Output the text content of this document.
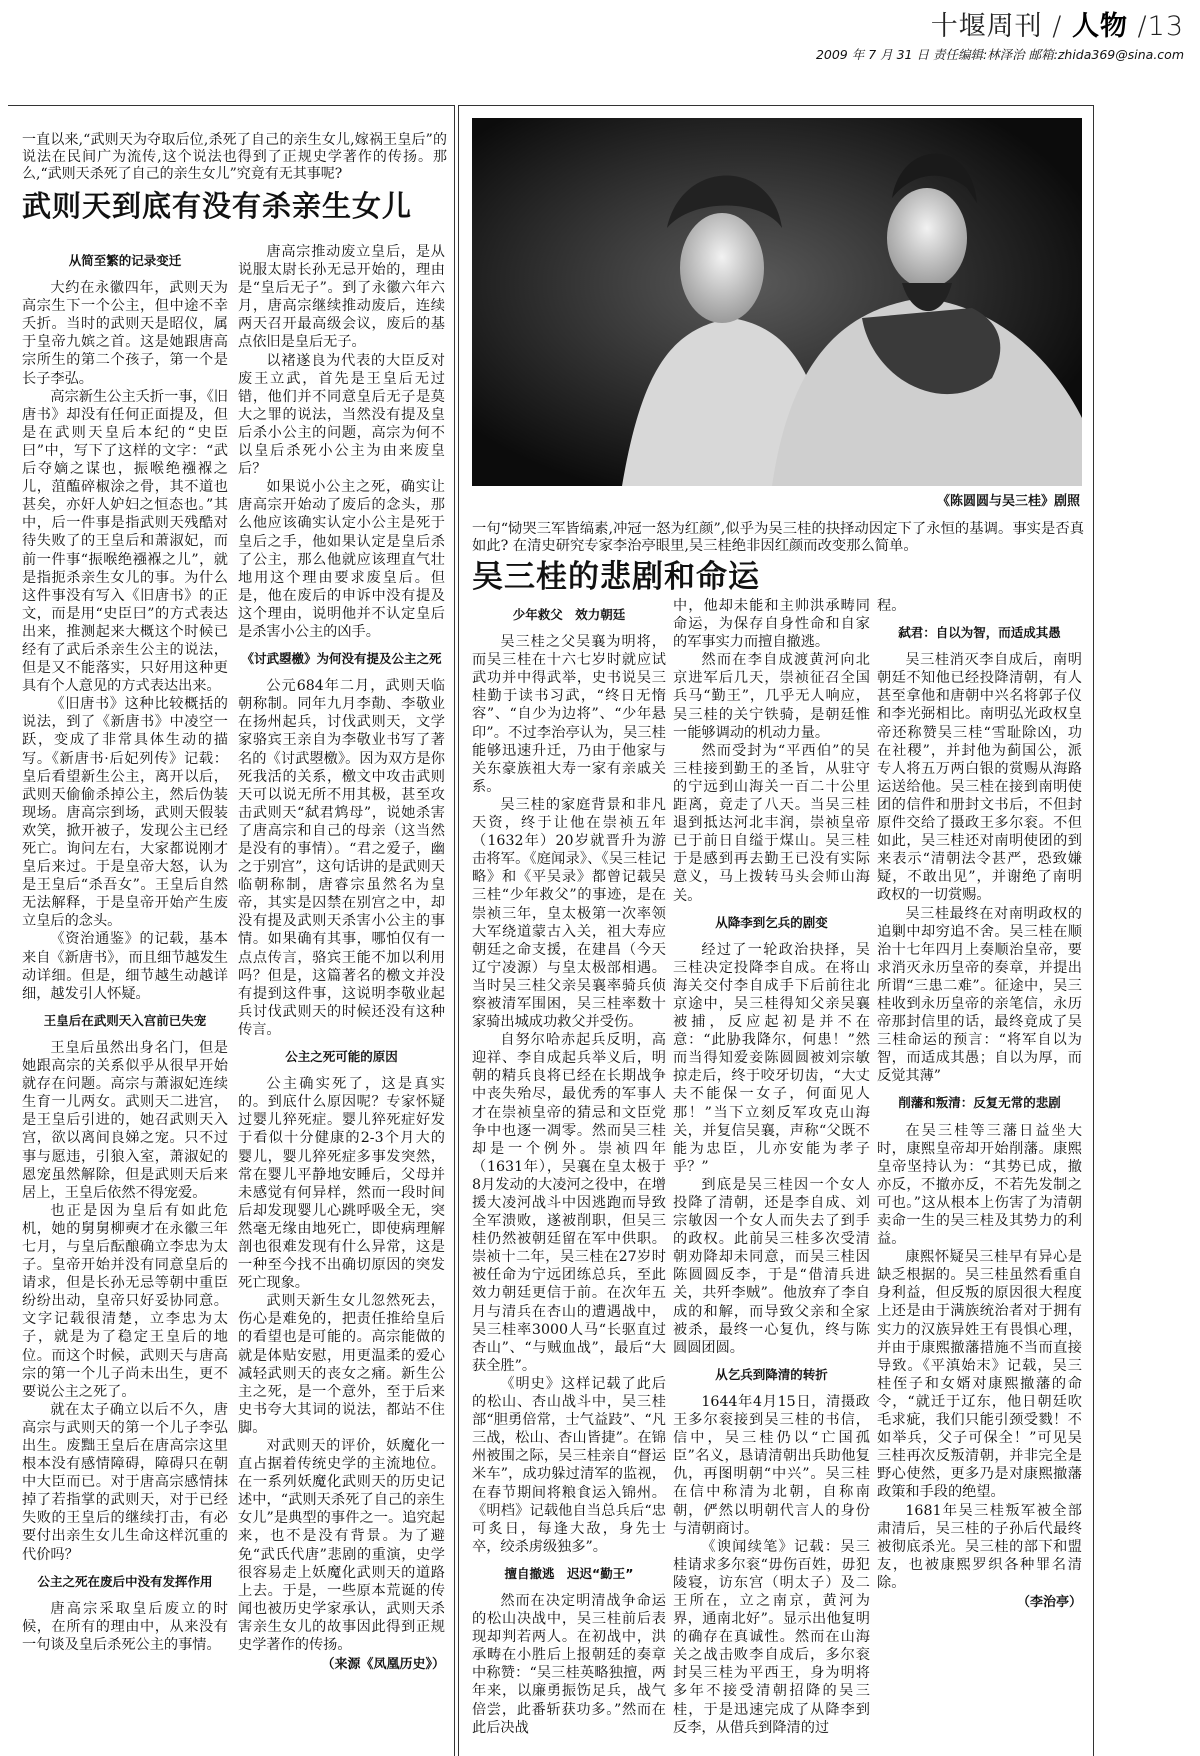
十堰周刊 / 人物 /13
2009 年 7 月 31 日 责任编辑:林泽治 邮箱:zhida369@sina.com
一直以来,“武则天为夺取后位,杀死了自己的亲生女儿,嫁祸王皇后”的说法在民间广为流传,这个说法也得到了正规史学著作的传扬。那么,“武则天杀死了自己的亲生女儿”究竟有无其事呢?
武则天到底有没有杀亲生女儿
从简至繁的记录变迁

大约在永徽四年，武则天为高宗生下一个公主，但中途不幸夭折。当时的武则天是昭仪，属于皇帝九嫔之首。这是她跟唐高宗所生的第二个孩子，第一个是长子李弘。

高宗新生公主夭折一事，《旧唐书》却没有任何正面提及，但是在武则天皇后本纪的“史臣曰”中，写下了这样的文字：“武后夺嫡之谋也，振喉绝襁褓之儿，菹醢碎椒涂之骨，其不道也甚矣，亦奸人妒妇之恒态也。”其中，后一件事是指武则天残酷对待失败了的王皇后和萧淑妃，而前一件事“振喉绝襁褓之儿”，就是指扼杀亲生女儿的事。为什么这件事没有写入《旧唐书》的正文，而是用“史臣曰”的方式表达出来，推测起来大概这个时候已经有了武后杀亲生公主的说法，但是又不能落实，只好用这种更具有个人意见的方式表达出来。

《旧唐书》这种比较概括的说法，到了《新唐书》中凌空一跃，变成了非常具体生动的描写。《新唐书·后妃列传》记载：皇后看望新生公主，离开以后，武则天偷偷杀掉公主，然后伪装现场。唐高宗到场，武则天假装欢笑，掀开被子，发现公主已经死亡。询问左右，大家都说刚才皇后来过。于是皇帝大怒，认为是王皇后“杀吾女”。王皇后自然无法解释，于是皇帝开始产生废立皇后的念头。

《资治通鉴》的记载，基本来自《新唐书》，而且细节越发生动详细。但是，细节越生动越详细，越发引人怀疑。

王皇后在武则天入宫前已失宠

王皇后虽然出身名门，但是她跟高宗的关系似乎从很早开始就存在问题。高宗与萧淑妃连续生育一儿两女。武则天二进宫，是王皇后引进的，她召武则天入宫，欲以离间良娣之宠。只不过事与愿违，引狼入室，萧淑妃的恩宠虽然解除，但是武则天后来居上，王皇后依然不得宠爱。

也正是因为皇后有如此危机，她的舅舅柳奭才在永徽三年七月，与皇后酝酿确立李忠为太子。皇帝开始并没有同意皇后的请求，但是长孙无忌等朝中重臣纷纷出动，皇帝只好妥协同意。文字记载很清楚，立李忠为太子，就是为了稳定王皇后的地位。而这个时候，武则天与唐高宗的第一个儿子尚未出生，更不要说公主之死了。

就在太子确立以后不久，唐高宗与武则天的第一个儿子李弘出生。废黜王皇后在唐高宗这里根本没有感情障碍，障碍只在朝中大臣而已。对于唐高宗感情抹掉了若指掌的武则天，对于已经失败的王皇后的继续打击，有必要付出亲生女儿生命这样沉重的代价吗？

公主之死在废后中没有发挥作用

唐高宗采取皇后废立的时候，在所有的理由中，从来没有一句谈及皇后杀死公主的事情。

唐高宗推动废立皇后，是从说服太尉长孙无忌开始的，理由是“皇后无子”。到了永徽六年六月，唐高宗继续推动废后，连续两天召开最高级会议，废后的基点依旧是皇后无子。

以褚遂良为代表的大臣反对废王立武，首先是王皇后无过错，他们并不同意皇后无子是莫大之罪的说法，当然没有提及皇后杀小公主的问题，高宗为何不以皇后杀死小公主为由来废皇后？

如果说小公主之死，确实让唐高宗开始动了废后的念头，那么他应该确实认定小公主是死于皇后之手，他如果认定是皇后杀了公主，那么他就应该理直气壮地用这个理由要求废皇后。但是，他在废后的申诉中没有提及这个理由，说明他并不认定皇后是杀害小公主的凶手。

《讨武曌檄》为何没有提及公主之死

公元684年二月，武则天临朝称制。同年九月李勣、李敬业在扬州起兵，讨伐武则天，文学家骆宾王亲自为李敬业书写了著名的《讨武曌檄》。因为双方是你死我活的关系，檄文中攻击武则天可以说无所不用其极，甚至攻击武则天“弑君鸩母”，说她杀害了唐高宗和自己的母亲（这当然是没有的事情）。“君之爱子，幽之于别宫”，这句话讲的是武则天临朝称制，唐睿宗虽然名为皇帝，其实是囚禁在别宫之中，却没有提及武则天杀害小公主的事情。如果确有其事，哪怕仅有一点点传言，骆宾王能不加以利用吗？但是，这篇著名的檄文并没有提到这件事，这说明李敬业起兵讨伐武则天的时候还没有这种传言。

公主之死可能的原因

公主确实死了，这是真实的。到底什么原因呢？专家怀疑过婴儿猝死症。婴儿猝死症好发于看似十分健康的2-3个月大的婴儿，婴儿猝死症多事发突然，常在婴儿平静地安睡后，父母并未感觉有何异样，然而一段时间后却发现婴儿心跳呼吸全无，突然毫无缘由地死亡，即使病理解剖也很难发现有什么异常，这是一种至今找不出确切原因的突发死亡现象。

武则天新生女儿忽然死去，伤心是难免的，把责任推给皇后的看望也是可能的。高宗能做的就是体贴安慰，用更温柔的爱心减轻武则天的丧女之痛。新生公主之死，是一个意外，至于后来史书夸大其词的说法，都站不住脚。

对武则天的评价，妖魔化一直占据着传统史学的主流地位。在一系列妖魔化武则天的历史记述中，“武则天杀死了自己的亲生女儿”是典型的事件之一。追究起来，也不是没有背景。为了避免“武氏代唐”悲剧的重演，史学很容易走上妖魔化武则天的道路上去。于是，一些原本荒诞的传闻也被历史学家承认，武则天杀害亲生女儿的故事因此得到正规史学著作的传扬。

（来源《凤凰历史》）

《陈圆圆与吴三桂》剧照
一句“恸哭三军皆缟素,冲冠一怒为红颜”,似乎为吴三桂的抉择动因定下了永恒的基调。事实是否真如此? 在清史研究专家李治亭眼里,吴三桂绝非因红颜而改变那么简单。
吴三桂的悲剧和命运
少年救父　效力朝廷

吴三桂之父吴襄为明将，而吴三桂在十六七岁时就应试武功并中得武举，史书说吴三桂勤于读书习武，“终日无惰容”、“自少为边将”、“少年悬印”。不过李治亭认为，吴三桂能够迅速升迁，乃由于他家与关东豪族祖大寿一家有亲戚关系。

吴三桂的家庭背景和非凡天资，终于让他在崇祯五年（1632年）20岁就晋升为游击将军。《庭闻录》、《吴三桂记略》和《平吴录》都曾记载吴三桂“少年救父”的事迹，是在崇祯三年，皇太极第一次率领大军绕道蒙古入关，祖大寿应朝廷之命支援，在建昌（今天辽宁凌源）与皇太极部相遇。当时吴三桂父亲吴襄率骑兵侦察被清军围困，吴三桂率数十家骑出城成功救父并受伤。

自努尔哈赤起兵反明，高迎祥、李自成起兵举义后，明朝的精兵良将已经在长期战争中丧失殆尽，最优秀的军事人才在崇祯皇帝的猜忌和文臣党争中也逐一凋零。然而吴三桂却是一个例外。崇祯四年（1631年），吴襄在皇太极于8月发动的大凌河之役中，在增援大凌河战斗中因逃跑而导致全军溃败，遂被削职，但吴三桂仍然被朝廷留在军中供职。崇祯十二年，吴三桂在27岁时被任命为宁远团练总兵，至此效力朝廷更信于前。在次年五月与清兵在杏山的遭遇战中，吴三桂率3000人马“长驱直过杏山”、“与贼血战”，最后“大获全胜”。

《明史》这样记载了此后的松山、杏山战斗中，吴三桂部“胆勇倍常，士气益跂”、“凡三战，松山、杏山皆捷”。在锦州被围之际，吴三桂亲自“督运米车”，成功躲过清军的监视，在春节期间将粮食运入锦州。《明档》记载他自当总兵后“忠可炙日，每逢大敌，身先士卒，绞杀虏级独多”。

擅自撤逃　迟迟“勤王”

然而在决定明清战争命运的松山决战中，吴三桂前后表现却判若两人。在初战中，洪承畴在小胜后上报朝廷的奏章中称赞：“吴三桂英略独擅，两年来，以廉勇振饬足兵，战气倍尝，此番斩获功多。”然而在此后决战

中，他却未能和主帅洪承畴同命运，为保存自身性命和自家的军事实力而擅自撤逃。

然而在李自成渡黄河向北京进军后几天，崇祯征召全国兵马“勤王”，几乎无人响应，吴三桂的关宁铁骑，是朝廷惟一能够调动的机动力量。

然而受封为“平西伯”的吴三桂接到勤王的圣旨，从驻守的宁远到山海关一百二十公里距离，竟走了八天。当吴三桂退到抵达河北丰润，崇祯皇帝已于前日自缢于煤山。吴三桂于是感到再去勤王已没有实际意义，马上拨转马头会师山海关。

从降李到乞兵的剧变

经过了一轮政治抉择，吴三桂决定投降李自成。在将山海关交付李自成手下后前往北京途中，吴三桂得知父亲吴襄被捕，反应起初是并不在意：“此胁我降尔，何患！”然而当得知爱妾陈圆圆被刘宗敏掠走后，终于咬牙切齿，“大丈夫不能保一女子，何面见人那！”当下立刻反军攻克山海关，并复信吴襄，声称“父既不能为忠臣，儿亦安能为孝子乎？”

到底是吴三桂因一个女人投降了清朝，还是李自成、刘宗敏因一个女人而失去了到手的政权。此前吴三桂多次受清朝劝降却未同意，而吴三桂因陈圆圆反李，于是“借清兵进关，共歼李贼”。他放弃了李自成的和解，而导致父亲和全家被杀，最终一心复仇，终与陈圆圆团圆。

从乞兵到降清的转折

1644年4月15日，清摄政王多尔衮接到吴三桂的书信，信中，吴三桂仍以“亡国孤臣”名义，恳请清朝出兵助他复仇，再图明朝“中兴”。吴三桂在信中称清为北朝，自称南朝，俨然以明朝代言人的身份与清朝商讨。

《谀闻续笔》记载：吴三桂请求多尔衮“毋伤百姓，毋犯陵寝，访东宫（明太子）及二王所在，立之南京，黄河为界，通南北好”。显示出他复明的确存在真诚性。然而在山海关之战击败李自成后，多尔衮封吴三桂为平西王，身为明将多年不接受清朝招降的吴三桂，于是迅速完成了从降李到反李，从借兵到降清的过

程。

弑君：自以为智，而适成其愚

吴三桂消灭李自成后，南明朝廷不知他已经投降清朝，有人甚至拿他和唐朝中兴名将郭子仪和李光弼相比。南明弘光政权皇帝还称赞吴三桂“雪耻除凶，功在社稷”，并封他为蓟国公，派专人将五万两白银的赏赐从海路运送给他。吴三桂在接到南明使团的信件和册封文书后，不但封原件交给了摄政王多尔衮。不但如此，吴三桂还对南明使团的到来表示“清朝法令甚严，恐致嫌疑，不敢出见”，并谢绝了南明政权的一切赏赐。

吴三桂最终在对南明政权的追剿中却穷追不舍。吴三桂在顺治十七年四月上奏顺治皇帝，要求消灭永历皇帝的奏章，并提出所谓“三患二难”。征途中，吴三桂收到永历皇帝的亲笔信，永历帝那封信里的话，最终竟成了吴三桂命运的预言：“将军自以为智，而适成其愚；自以为厚，而反觉其薄”

削藩和叛清：反复无常的悲剧

在吴三桂等三藩日益坐大时，康熙皇帝却开始削藩。康熙皇帝坚持认为：“其势已成，撤亦反，不撤亦反，不若先发制之可也。”这从根本上伤害了为清朝卖命一生的吴三桂及其势力的利益。

康熙怀疑吴三桂早有异心是缺乏根据的。吴三桂虽然看重自身利益，但反叛的原因很大程度上还是由于满族统治者对于拥有实力的汉族异姓王有畏惧心理，并由于康熙撤藩措施不当而直接导致。《平滇始末》记载，吴三桂侄子和女婿对康熙撤藩的命令，“就迁于辽东，他日朝廷吹毛求疵，我们只能引颈受戮！不如举兵，父子可保全！”可见吴三桂再次反叛清朝，并非完全是野心使然，更多乃是对康熙撤藩政策和手段的绝望。

1681年吴三桂叛军被全部肃清后，吴三桂的子孙后代最终被彻底杀光。吴三桂的部下和盟友，也被康熙罗织各种罪名清除。

（李治亭）
